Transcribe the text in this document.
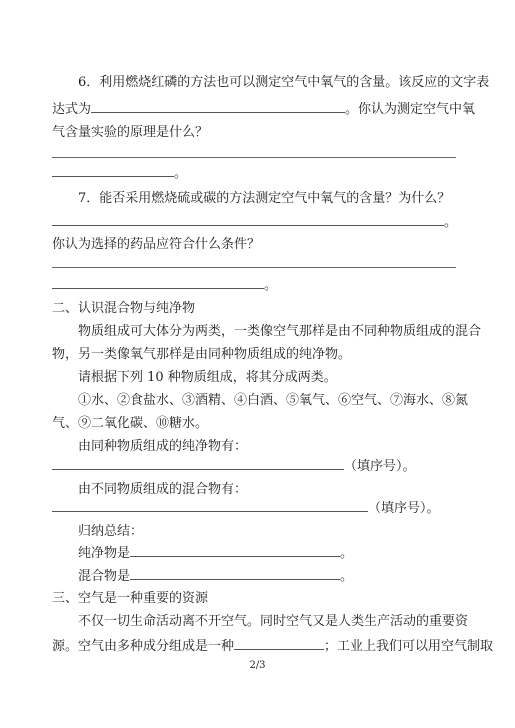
6．利用燃烧红磷的方法也可以测定空气中氧气的含量。该反应的文字表
达式为	。你认为测定空气中氧
气含量实验的原理是什么？
。
7．能否采用燃烧硫或碳的方法测定空气中氧气的含量？为什么？
。
你认为选择的药品应符合什么条件？
。
二、认识混合物与纯净物
物质组成可大体分为两类，一类像空气那样是由不同种物质组成的混合
物，另一类像氧气那样是由同种物质组成的纯净物。
请根据下列 10 种物质组成，将其分成两类。
①水、②食盐水、③酒精、④白酒、⑤氧气、⑥空气、⑦海水、⑧氮
气、⑨二氧化碳、⑩糖水。
由同种物质组成的纯净物有：
（填序号）。
由不同物质组成的混合物有：
（填序号）。
归纳总结：
纯净物是	。
混合物是	。
三、空气是一种重要的资源
不仅一切生命活动离不开空气。同时空气又是人类生产活动的重要资
源。空气由多种成分组成是一种	；工业上我们可以用空气制取
2/3
